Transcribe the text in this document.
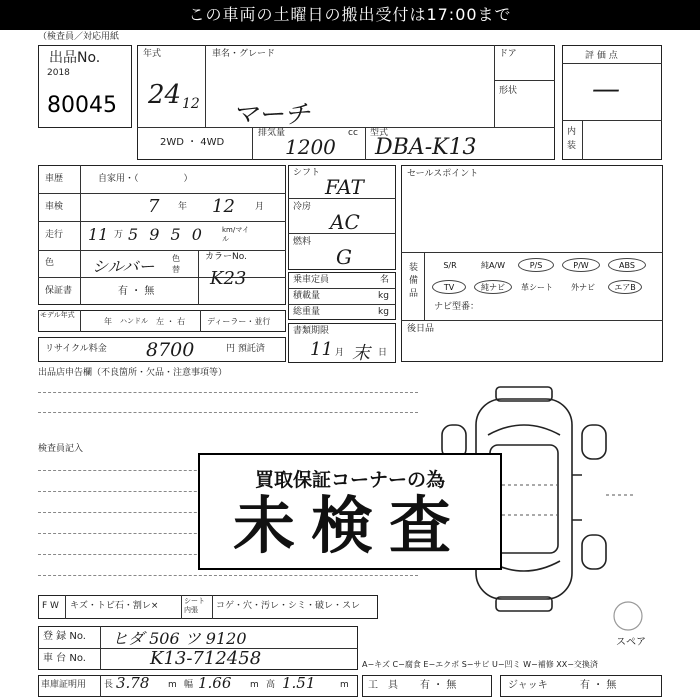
この車両の土曜日の搬出受付は17:00まで
（検査員／対応用紙
出品No.
2018
80045
年式
24 12
車名・グレード
マーチ
ドア
形状
2WD ・ 4WD
排気量	cc
1200
型式
DBA-K13
評 価 点
—
内装
車歴	自家用・（　　　　　）
車検	7 年 12 月
走行 11 万 5 9 5 0 km/マイル
色 シルバー 色替
カラーNo.
K23
保証書	有 ・ 無
モデル年式
年 ハンドル 左 ・ 右	ディーラー・並行
リサイクル料金 8700	円 預託済
シフト
FAT
冷房
AC
燃料
G
乗車定員	名
積載量	kg
総重量	kg
書類期限
11 月 末 日
セールスポイント
装備品
S/R	純A/W	P/S	P/W	ABS
TV	純ナビ	革シート	外ナビ	エアB
ナビ型番：
後日品
出品店申告欄（不良箇所・欠品・注意事項等）
検査員記入
スペア
買取保証コーナーの為
未検査
F W キズ・トビ石・割レ×	シート内張	コゲ・穴・汚レ・シミ・破レ・スレ
登 録 No. ヒダ 506 ツ 9120
車 台 No.	K13-712458
車庫証明用 長 3.78 m 幅 1.66 m 高 1.51	m
A−キズ C−腐食 E−エクボ S−サビ U−凹ミ W−補修 XX−交換済
工　具 有 ・ 無	ジャッキ	有 ・ 無
